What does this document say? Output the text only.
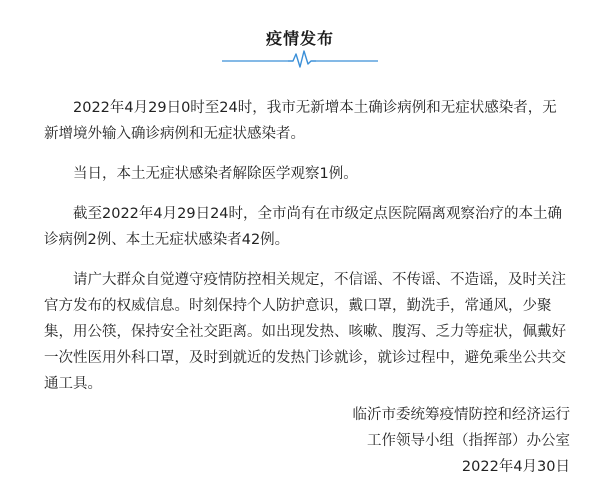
疫情发布

2022年4月29日0时至24时，我市无新增本土确诊病例和无症状感染者，无新增境外输入确诊病例和无症状感染者。

当日，本土无症状感染者解除医学观察1例。

截至2022年4月29日24时，全市尚有在市级定点医院隔离观察治疗的本土确诊病例2例、本土无症状感染者42例。

请广大群众自觉遵守疫情防控相关规定，不信谣、不传谣、不造谣，及时关注官方发布的权威信息。时刻保持个人防护意识，戴口罩，勤洗手，常通风，少聚集，用公筷，保持安全社交距离。如出现发热、咳嗽、腹泻、乏力等症状，佩戴好一次性医用外科口罩，及时到就近的发热门诊就诊，就诊过程中，避免乘坐公共交通工具。

临沂市委统筹疫情防控和经济运行
工作领导小组（指挥部）办公室
2022年4月30日
